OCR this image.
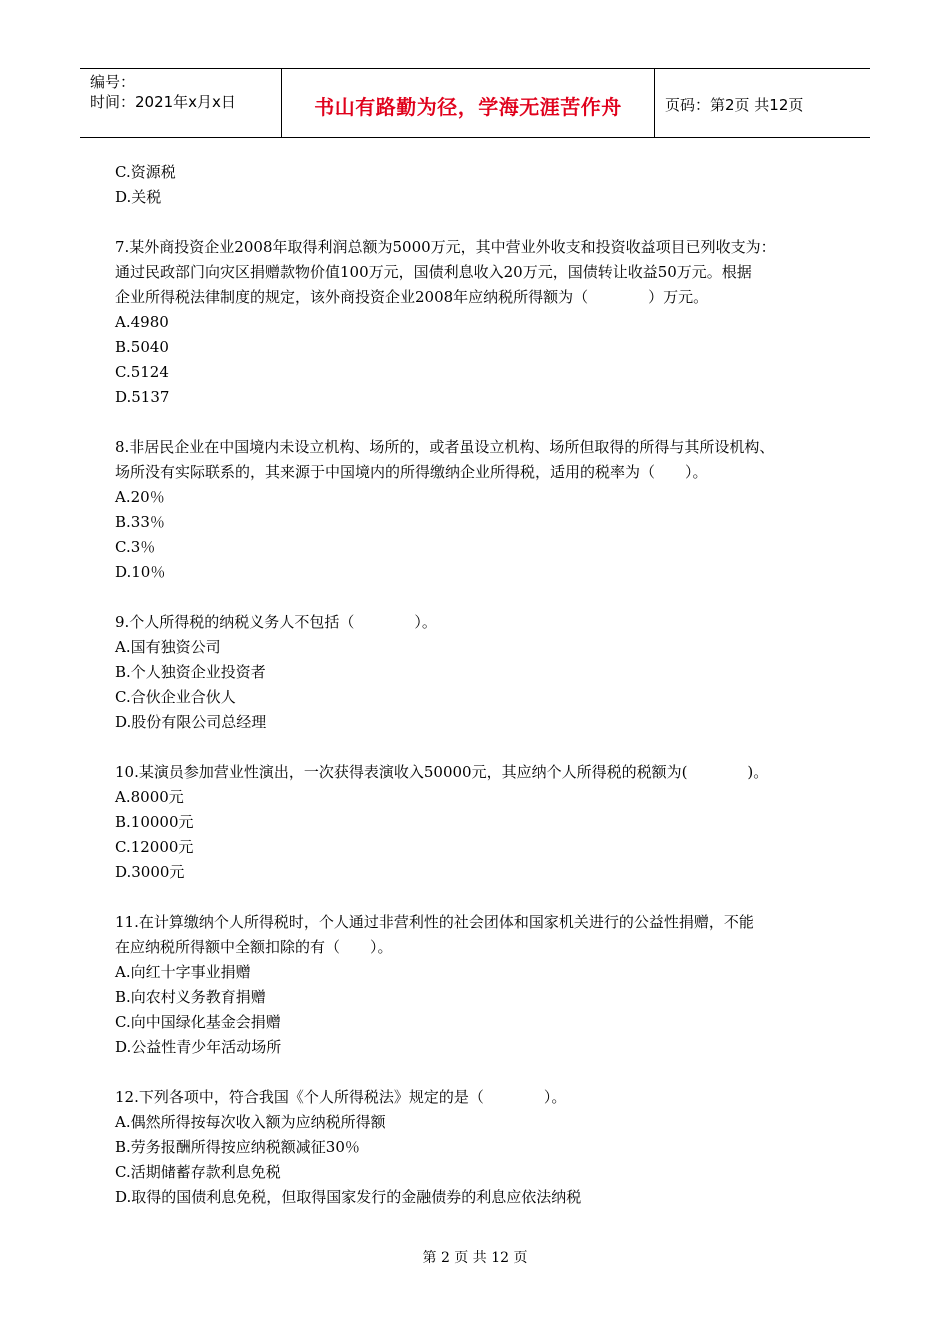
编号：
时间：2021年x月x日	书山有路勤为径，学海无涯苦作舟	页码：第2页 共12页
C.资源税
D.关税
7.某外商投资企业2008年取得利润总额为5000万元，其中营业外收支和投资收益项目已列收支为：
通过民政部门向灾区捐赠款物价值100万元，国债利息收入20万元，国债转让收益50万元。根据
企业所得税法律制度的规定，该外商投资企业2008年应纳税所得额为（　　　　）万元。
A.4980
B.5040
C.5124
D.5137
8.非居民企业在中国境内未设立机构、场所的，或者虽设立机构、场所但取得的所得与其所设机构、
场所没有实际联系的，其来源于中国境内的所得缴纳企业所得税，适用的税率为（　　）。
A.20％
B.33％
C.3％
D.10％
9.个人所得税的纳税义务人不包括（　　　　）。
A.国有独资公司
B.个人独资企业投资者
C.合伙企业合伙人
D.股份有限公司总经理
10.某演员参加营业性演出，一次获得表演收入50000元，其应纳个人所得税的税额为(　　　　)。
A.8000元
B.10000元
C.12000元
D.3000元
11.在计算缴纳个人所得税时，个人通过非营利性的社会团体和国家机关进行的公益性捐赠，不能
在应纳税所得额中全额扣除的有（　　）。
A.向红十字事业捐赠
B.向农村义务教育捐赠
C.向中国绿化基金会捐赠
D.公益性青少年活动场所
12.下列各项中，符合我国《个人所得税法》规定的是（　　　　）。
A.偶然所得按每次收入额为应纳税所得额
B.劳务报酬所得按应纳税额减征30％
C.活期储蓄存款利息免税
D.取得的国债利息免税，但取得国家发行的金融债券的利息应依法纳税
第 2 页 共 12 页
